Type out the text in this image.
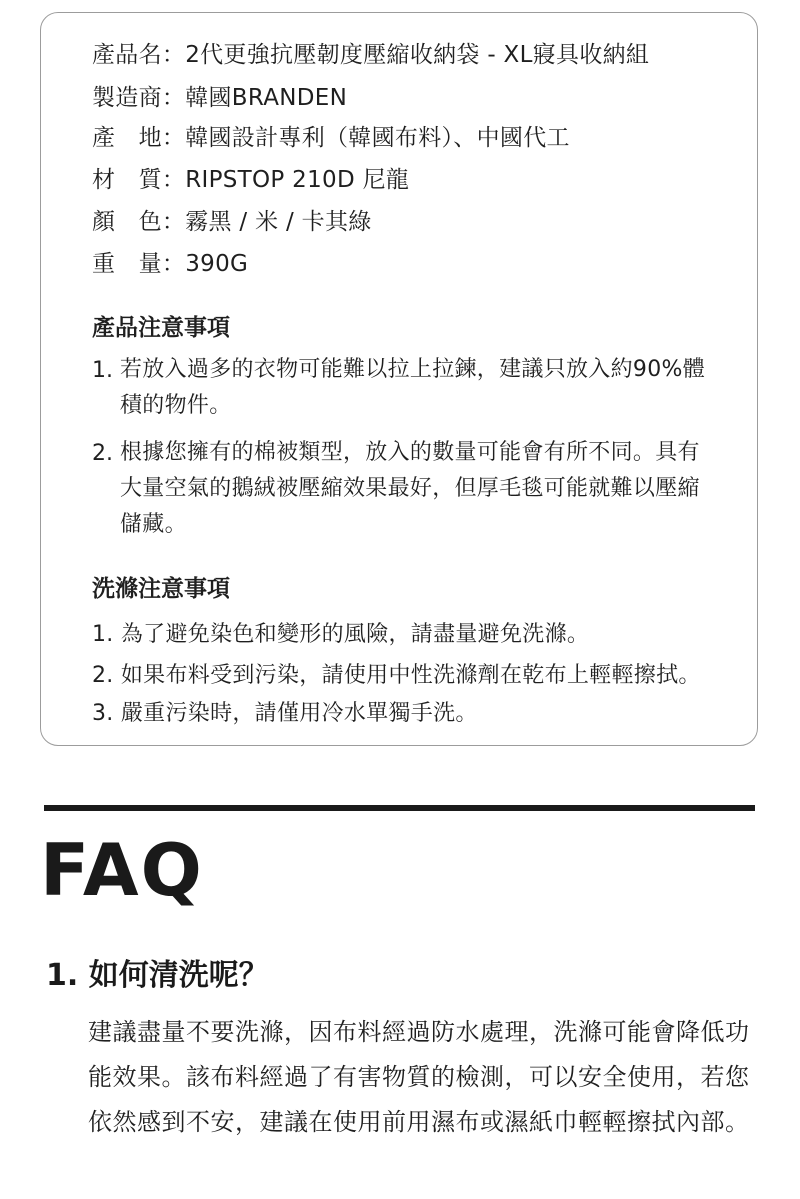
產品名：2代更強抗壓韌度壓縮收納袋 - XL寢具收納組
製造商：韓國BRANDEN
產　地：韓國設計專利（韓國布料）、中國代工
材　質：RIPSTOP 210D 尼龍
顏　色：霧黑 / 米 / 卡其綠
重　量：390G
產品注意事項
1. 若放入過多的衣物可能難以拉上拉鍊，建議只放入約90%體積的物件。
2. 根據您擁有的棉被類型，放入的數量可能會有所不同。具有大量空氣的鵝絨被壓縮效果最好，但厚毛毯可能就難以壓縮儲藏。
洗滌注意事項
1. 為了避免染色和變形的風險，請盡量避免洗滌。
2. 如果布料受到污染，請使用中性洗滌劑在乾布上輕輕擦拭。
3. 嚴重污染時，請僅用冷水單獨手洗。
FAQ
1. 如何清洗呢？
建議盡量不要洗滌，因布料經過防水處理，洗滌可能會降低功能效果。該布料經過了有害物質的檢測，可以安全使用，若您依然感到不安，建議在使用前用濕布或濕紙巾輕輕擦拭內部。
